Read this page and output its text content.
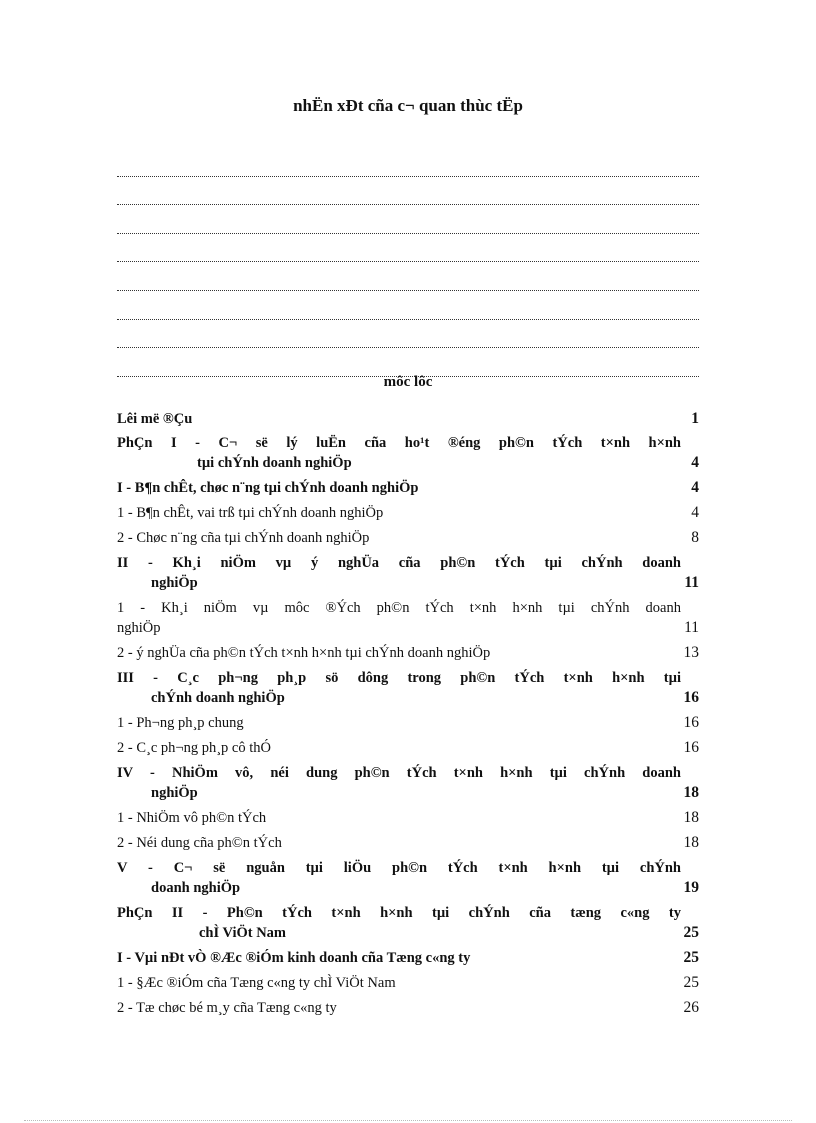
nhËn xÐt cña c¬ quan thùc tËp
môc lôc
Lêi më ®Çu	1
PhÇn I - C¬ së lý luËn cña ho¹t ®éng ph©n tÝch t×nh h×nh
tµi chÝnh doanh nghiÖp	4
I - B¶n chÊt, chøc n¨ng tµi chÝnh doanh nghiÖp	4
1 - B¶n chÊt, vai trß tµi chÝnh doanh nghiÖp	4
2 - Chøc n¨ng cña tµi chÝnh doanh nghiÖp	8
II - Kh¸i niÖm vµ ý nghÜa cña ph©n tÝch tµi chÝnh doanh
nghiÖp	11
1 - Kh¸i niÖm vµ môc ®Ých ph©n tÝch t×nh h×nh tµi chÝnh doanh
nghiÖp	11
2 - ý nghÜa cña ph©n tÝch t×nh h×nh tµi chÝnh doanh nghiÖp	13
III - C¸c ph¬ng ph¸p sö dông trong ph©n tÝch t×nh h×nh tµi
chÝnh doanh nghiÖp	16
1 - Ph¬ng ph¸p chung	16
2 - C¸c ph¬ng ph¸p cô thÓ	16
IV - NhiÖm vô, néi dung ph©n tÝch t×nh h×nh tµi chÝnh doanh
nghiÖp	18
1 - NhiÖm vô ph©n tÝch	18
2 - Néi dung cña ph©n tÝch	18
V - C¬ së nguån tµi liÖu ph©n tÝch t×nh h×nh tµi chÝnh
doanh nghiÖp	19
PhÇn II - Ph©n tÝch t×nh h×nh tµi chÝnh cña tæng c«ng ty
chÌ ViÖt Nam	25
I - Vµi nÐt vÒ ®Æc ®iÓm kinh doanh cña Tæng c«ng ty	25
1 - §Æc ®iÓm cña Tæng c«ng ty chÌ ViÖt Nam	25
2 - Tæ chøc bé m¸y cña Tæng c«ng ty	26
